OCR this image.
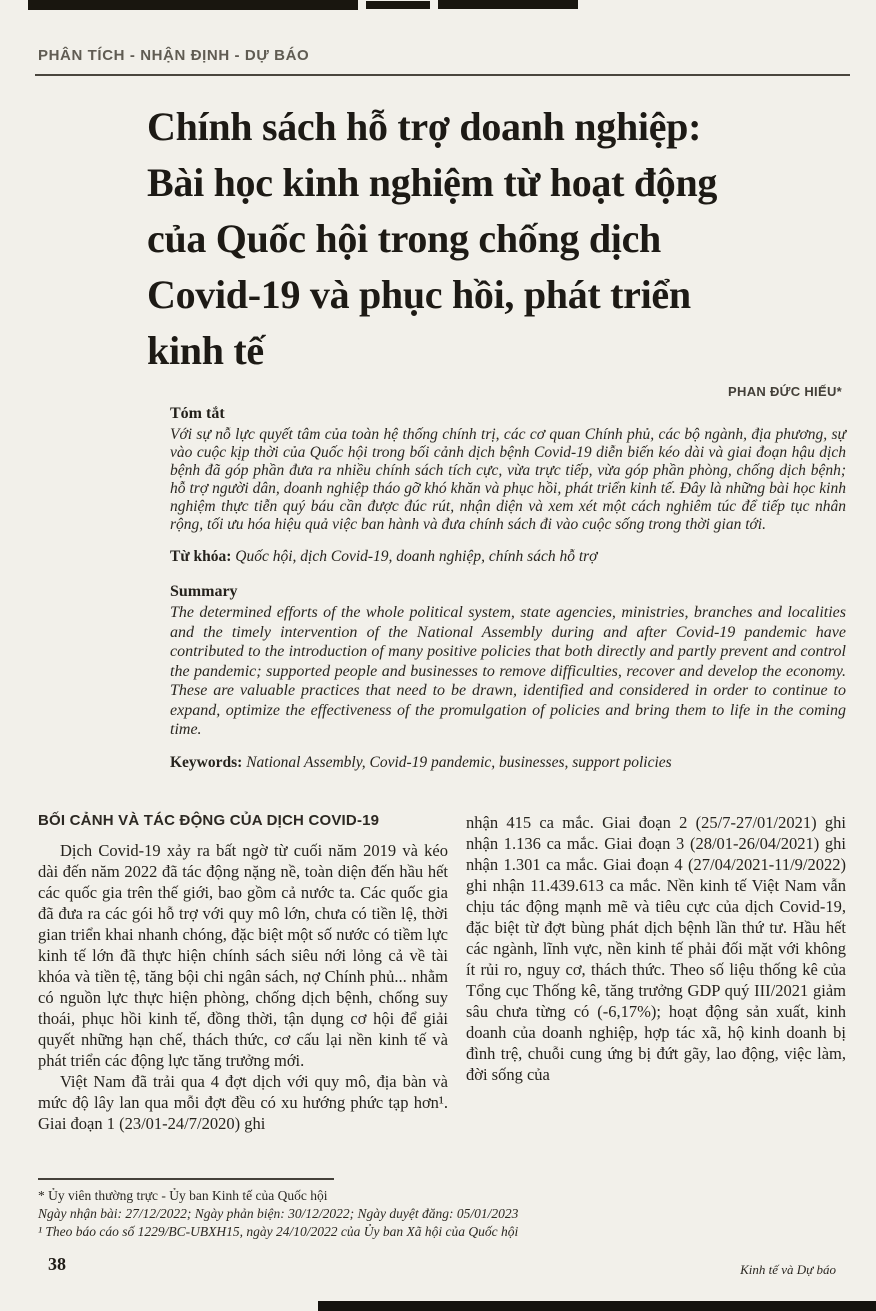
PHÂN TÍCH - NHẬN ĐỊNH - DỰ BÁO
Chính sách hỗ trợ doanh nghiệp:
Bài học kinh nghiệm từ hoạt động
của Quốc hội trong chống dịch
Covid-19 và phục hồi, phát triển
kinh tế
PHAN ĐỨC HIẾU*
Tóm tắt

Với sự nỗ lực quyết tâm của toàn hệ thống chính trị, các cơ quan Chính phủ, các bộ ngành, địa phương, sự vào cuộc kịp thời của Quốc hội trong bối cảnh dịch bệnh Covid-19 diễn biến kéo dài và giai đoạn hậu dịch bệnh đã góp phần đưa ra nhiều chính sách tích cực, vừa trực tiếp, vừa góp phần phòng, chống dịch bệnh; hỗ trợ người dân, doanh nghiệp tháo gỡ khó khăn và phục hồi, phát triển kinh tế. Đây là những bài học kinh nghiệm thực tiễn quý báu cần được đúc rút, nhận diện và xem xét một cách nghiêm túc để tiếp tục nhân rộng, tối ưu hóa hiệu quả việc ban hành và đưa chính sách đi vào cuộc sống trong thời gian tới.

Từ khóa: Quốc hội, dịch Covid-19, doanh nghiệp, chính sách hỗ trợ

Summary

The determined efforts of the whole political system, state agencies, ministries, branches and localities and the timely intervention of the National Assembly during and after Covid-19 pandemic have contributed to the introduction of many positive policies that both directly and partly prevent and control the pandemic; supported people and businesses to remove difficulties, recover and develop the economy. These are valuable practices that need to be drawn, identified and considered in order to continue to expand, optimize the effectiveness of the promulgation of policies and bring them to life in the coming time.

Keywords: National Assembly, Covid-19 pandemic, businesses, support policies

BỐI CẢNH VÀ TÁC ĐỘNG CỦA DỊCH COVID-19

Dịch Covid-19 xảy ra bất ngờ từ cuối năm 2019 và kéo dài đến năm 2022 đã tác động nặng nề, toàn diện đến hầu hết các quốc gia trên thế giới, bao gồm cả nước ta. Các quốc gia đã đưa ra các gói hỗ trợ với quy mô lớn, chưa có tiền lệ, thời gian triển khai nhanh chóng, đặc biệt một số nước có tiềm lực kinh tế lớn đã thực hiện chính sách siêu nới lỏng cả về tài khóa và tiền tệ, tăng bội chi ngân sách, nợ Chính phủ... nhằm có nguồn lực thực hiện phòng, chống dịch bệnh, chống suy thoái, phục hồi kinh tế, đồng thời, tận dụng cơ hội để giải quyết những hạn chế, thách thức, cơ cấu lại nền kinh tế và phát triển các động lực tăng trưởng mới.

Việt Nam đã trải qua 4 đợt dịch với quy mô, địa bàn và mức độ lây lan qua mỗi đợt đều có xu hướng phức tạp hơn¹. Giai đoạn 1 (23/01-24/7/2020) ghi

nhận 415 ca mắc. Giai đoạn 2 (25/7-27/01/2021) ghi nhận 1.136 ca mắc. Giai đoạn 3 (28/01-26/04/2021) ghi nhận 1.301 ca mắc. Giai đoạn 4 (27/04/2021-11/9/2022) ghi nhận 11.439.613 ca mắc. Nền kinh tế Việt Nam vẫn chịu tác động mạnh mẽ và tiêu cực của dịch Covid-19, đặc biệt từ đợt bùng phát dịch bệnh lần thứ tư. Hầu hết các ngành, lĩnh vực, nền kinh tế phải đối mặt với không ít rủi ro, nguy cơ, thách thức. Theo số liệu thống kê của Tổng cục Thống kê, tăng trưởng GDP quý III/2021 giảm sâu chưa từng có (-6,17%); hoạt động sản xuất, kinh doanh của doanh nghiệp, hợp tác xã, hộ kinh doanh bị đình trệ, chuỗi cung ứng bị đứt gãy, lao động, việc làm, đời sống của

* Ủy viên thường trực - Ủy ban Kinh tế của Quốc hội
Ngày nhận bài: 27/12/2022; Ngày phản biện: 30/12/2022; Ngày duyệt đăng: 05/01/2023
¹ Theo báo cáo số 1229/BC-UBXH15, ngày 24/10/2022 của Ủy ban Xã hội của Quốc hội
38	Kinh tế và Dự báo
